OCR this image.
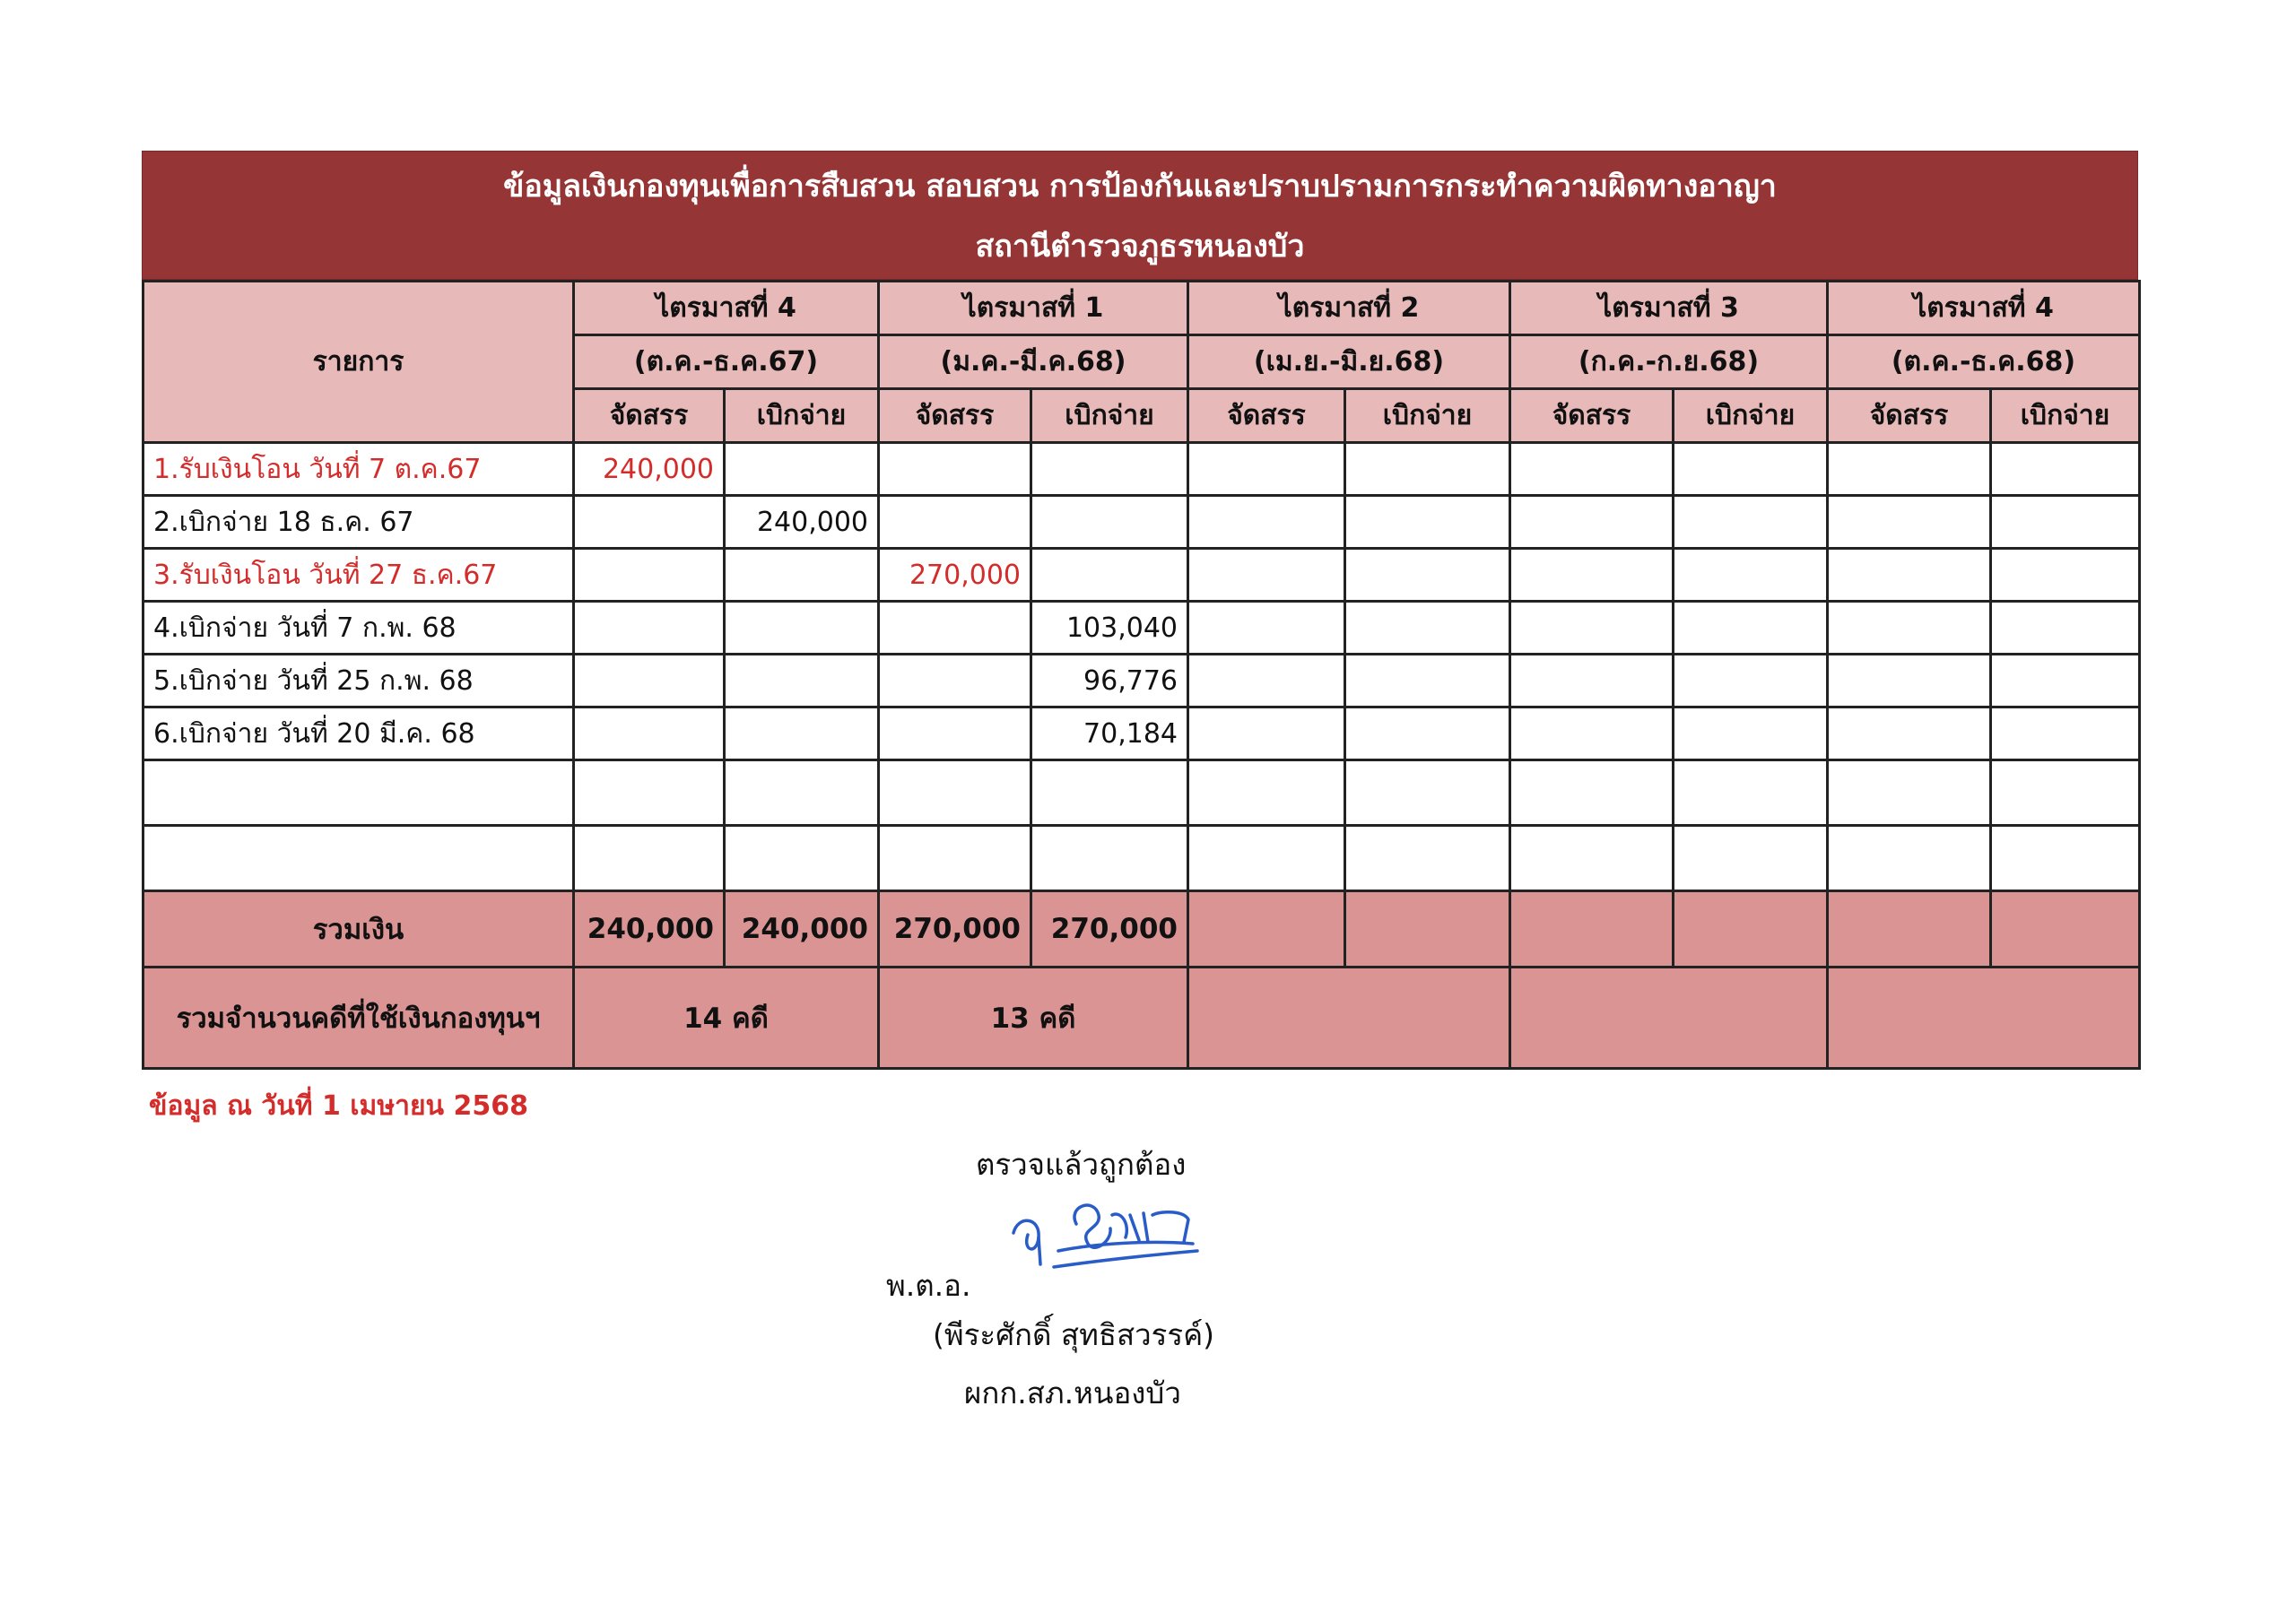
ข้อมูลเงินกองทุนเพื่อการสืบสวน สอบสวน การป้องกันและปราบปรามการกระทำความผิดทางอาญา
สถานีตำรวจภูธรหนองบัว
รายการ	ไตรมาสที่ 4		ไตรมาสที่ 1		ไตรมาสที่ 2		ไตรมาสที่ 3		ไตรมาสที่ 4	
	(ต.ค.-ธ.ค.67)		(ม.ค.-มี.ค.68)		(เม.ย.-มิ.ย.68)		(ก.ค.-ก.ย.68)		(ต.ค.-ธ.ค.68)	
	จัดสรร	เบิกจ่าย	จัดสรร	เบิกจ่าย	จัดสรร	เบิกจ่าย	จัดสรร	เบิกจ่าย	จัดสรร	เบิกจ่าย
1.รับเงินโอน วันที่ 7 ต.ค.67	240,000									
2.เบิกจ่าย 18 ธ.ค. 67		240,000								
3.รับเงินโอน วันที่ 27 ธ.ค.67			270,000							
4.เบิกจ่าย วันที่ 7 ก.พ. 68				103,040						
5.เบิกจ่าย วันที่ 25 ก.พ. 68				96,776						
6.เบิกจ่าย วันที่ 20 มี.ค. 68				70,184						

รวมเงิน	240,000	240,000	270,000	270,000						
รวมจำนวนคดีที่ใช้เงินกองทุนฯ	14 คดี		13 คดี							
ข้อมูล ณ วันที่ 1 เมษายน 2568
ตรวจแล้วถูกต้อง
พ.ต.อ.
(พีระศักดิ์ สุทธิสวรรค์)
ผกก.สภ.หนองบัว
